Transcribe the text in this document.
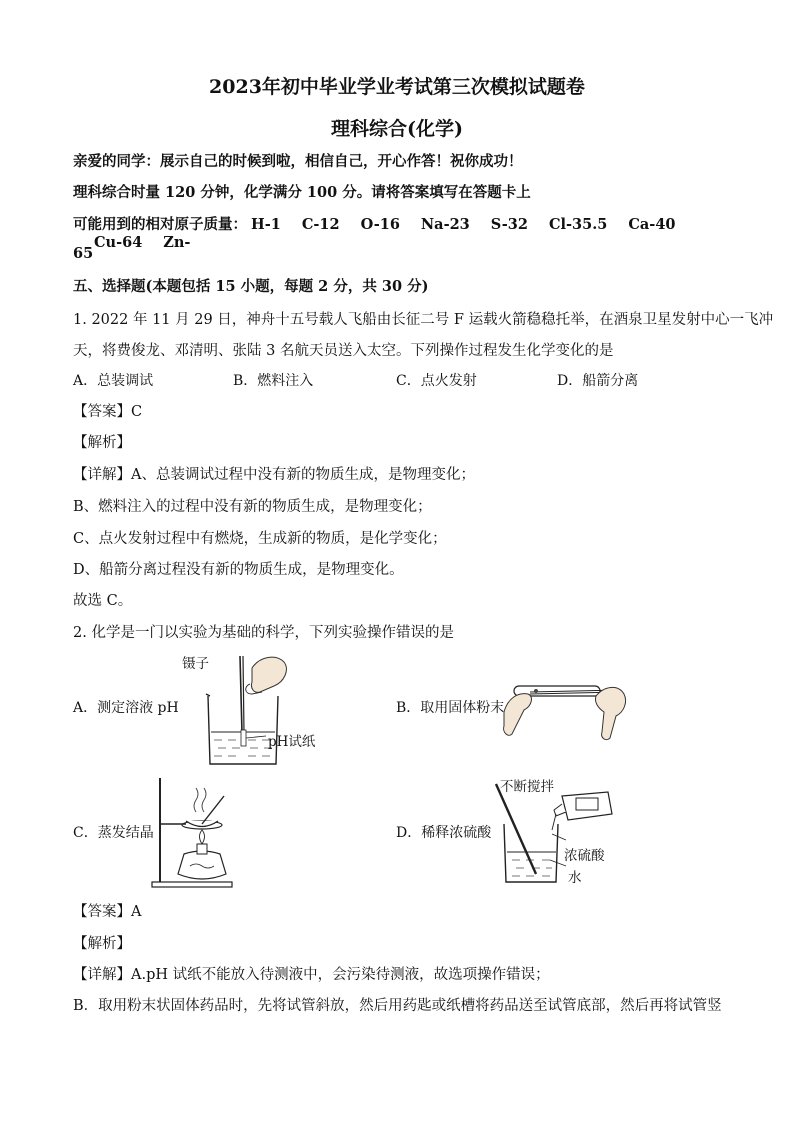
2023年初中毕业学业考试第三次模拟试题卷
理科综合(化学)
亲爱的同学：展示自己的时候到啦，相信自己，开心作答！祝你成功！
理科综合时量 120 分钟，化学满分 100 分。请将答案填写在答题卡上
可能用到的相对原子质量： H-1 C-12 O-16 Na-23 S-32 Cl-35.5 Ca-40Cu-64 Zn-
65
五、选择题(本题包括 15 小题，每题 2 分，共 30 分)
1. 2022 年 11 月 29 日，神舟十五号载人飞船由长征二号 F 运载火箭稳稳托举，在酒泉卫星发射中心一飞冲
天，将费俊龙、邓清明、张陆 3 名航天员送入太空。下列操作过程发生化学变化的是
A．总装调试	B．燃料注入	C．点火发射	D．船箭分离
【答案】C
【解析】
【详解】A、总装调试过程中没有新的物质生成，是物理变化；
B、燃料注入的过程中没有新的物质生成，是物理变化；
C、点火发射过程中有燃烧，生成新的物质，是化学变化；
D、船箭分离过程没有新的物质生成，是物理变化。
故选 C。
2. 化学是一门以实验为基础的科学，下列实验操作错误的是
A．测定溶液 pH	B．取用固体粉末
C．蒸发结晶	D．稀释浓硫酸
镊子
pH试纸
不断搅拌
浓硫酸
水
【答案】A
【解析】
【详解】A.pH 试纸不能放入待测液中，会污染待测液，故选项操作错误；
B．取用粉末状固体药品时，先将试管斜放，然后用药匙或纸槽将药品送至试管底部，然后再将试管竖
